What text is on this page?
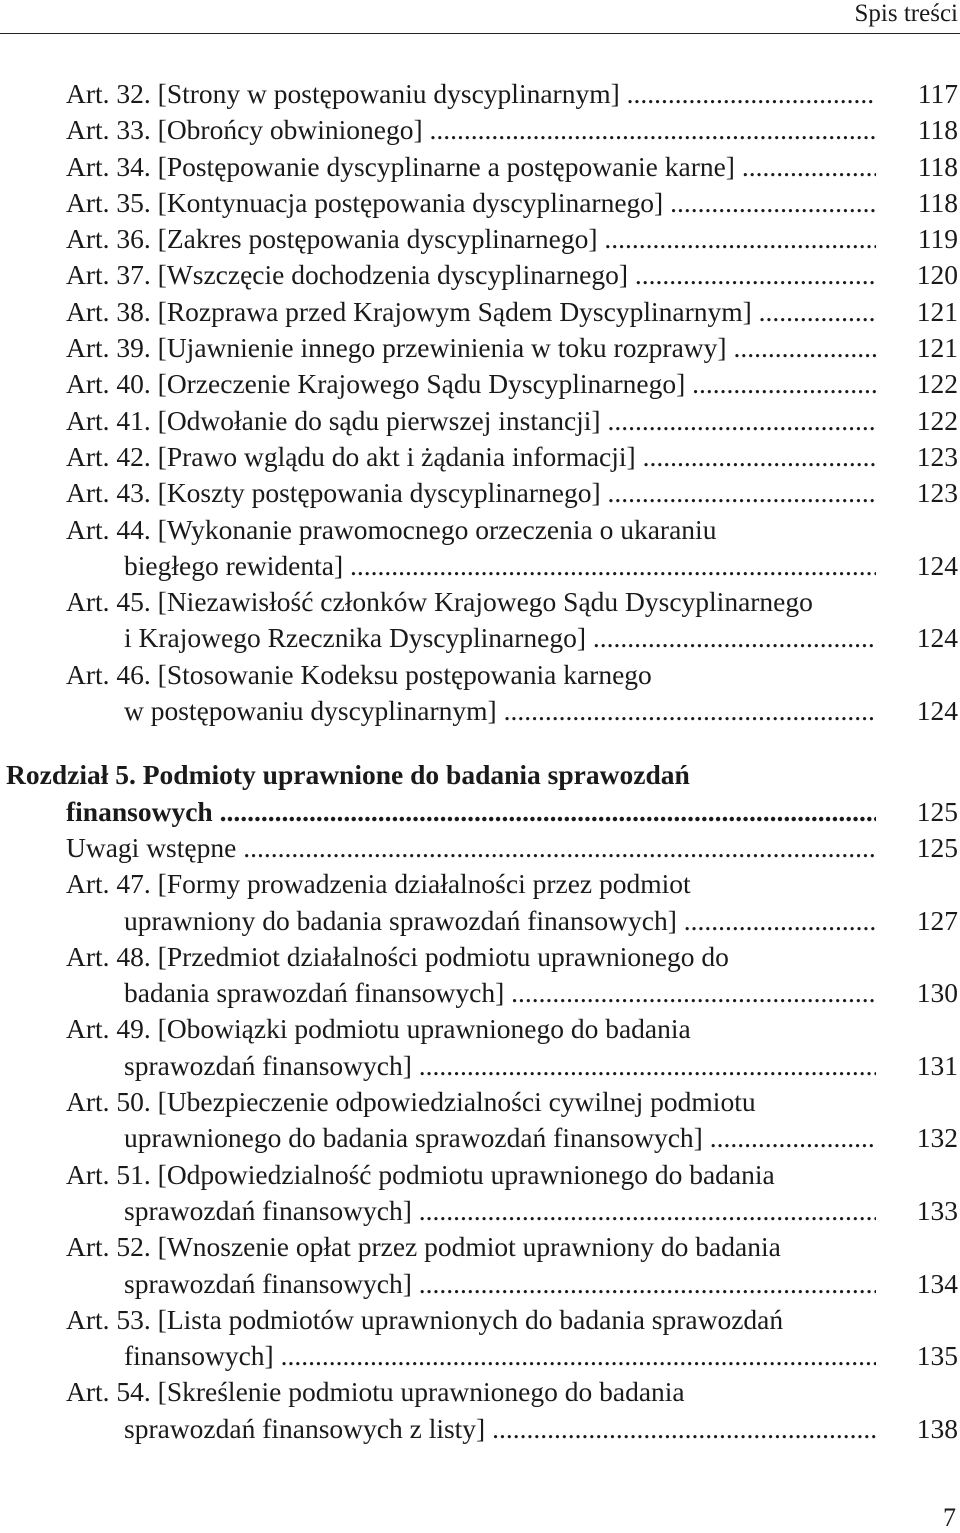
Spis treści
Art. 32. [Strony w postępowaniu dyscyplinarnym] .....	117
Art. 33. [Obrońcy obwinionego] .....	118
Art. 34. [Postępowanie dyscyplinarne a postępowanie karne] .....	118
Art. 35. [Kontynuacja postępowania dyscyplinarnego] .....	118
Art. 36. [Zakres postępowania dyscyplinarnego] .....	119
Art. 37. [Wszczęcie dochodzenia dyscyplinarnego] .....	120
Art. 38. [Rozprawa przed Krajowym Sądem Dyscyplinarnym] .....	121
Art. 39. [Ujawnienie innego przewinienia w toku rozprawy] .....	121
Art. 40. [Orzeczenie Krajowego Sądu Dyscyplinarnego] .....	122
Art. 41. [Odwołanie do sądu pierwszej instancji] .....	122
Art. 42. [Prawo wglądu do akt i żądania informacji] .....	123
Art. 43. [Koszty postępowania dyscyplinarnego] .....	123
Art. 44. [Wykonanie prawomocnego orzeczenia o ukaraniu
biegłego rewidenta] .....	124
Art. 45. [Niezawisłość członków Krajowego Sądu Dyscyplinarnego
i Krajowego Rzecznika Dyscyplinarnego] .....	124
Art. 46. [Stosowanie Kodeksu postępowania karnego
w postępowaniu dyscyplinarnym] .....	124
Rozdział 5. Podmioty uprawnione do badania sprawozdań
finansowych .....	125
Uwagi wstępne .....	125
Art. 47. [Formy prowadzenia działalności przez podmiot
uprawniony do badania sprawozdań finansowych] .....	127
Art. 48. [Przedmiot działalności podmiotu uprawnionego do
badania sprawozdań finansowych] .....	130
Art. 49. [Obowiązki podmiotu uprawnionego do badania
sprawozdań finansowych] .....	131
Art. 50. [Ubezpieczenie odpowiedzialności cywilnej podmiotu
uprawnionego do badania sprawozdań finansowych] .....	132
Art. 51. [Odpowiedzialność podmiotu uprawnionego do badania
sprawozdań finansowych] .....	133
Art. 52. [Wnoszenie opłat przez podmiot uprawniony do badania
sprawozdań finansowych] .....	134
Art. 53. [Lista podmiotów uprawnionych do badania sprawozdań
finansowych] .....	135
Art. 54. [Skreślenie podmiotu uprawnionego do badania
sprawozdań finansowych z listy] .....	138
7
